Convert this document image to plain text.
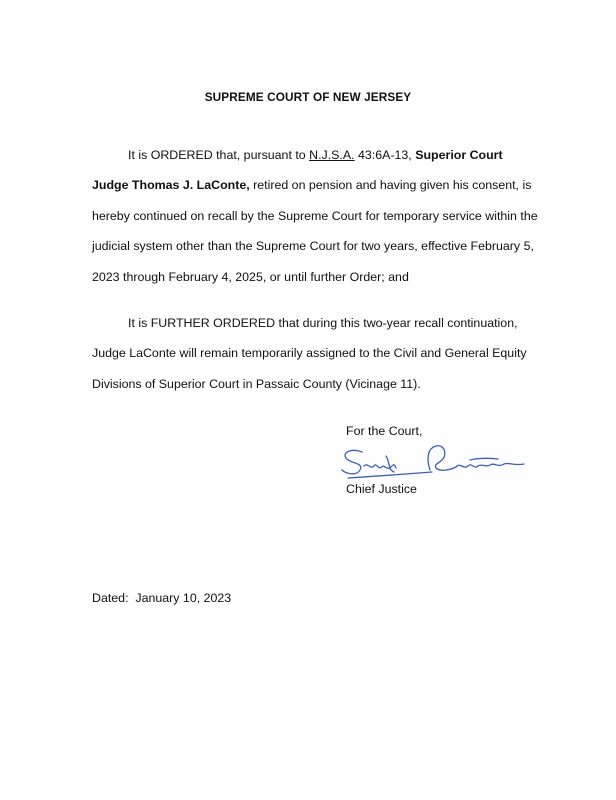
SUPREME COURT OF NEW JERSEY
It is ORDERED that, pursuant to N.J.S.A. 43:6A-13, Superior Court
Judge Thomas J. LaConte, retired on pension and having given his consent, is
hereby continued on recall by the Supreme Court for temporary service within the
judicial system other than the Supreme Court for two years, effective February 5,
2023 through February 4, 2025, or until further Order; and
It is FURTHER ORDERED that during this two-year recall continuation,
Judge LaConte will remain temporarily assigned to the Civil and General Equity
Divisions of Superior Court in Passaic County (Vicinage 11).
For the Court,
Chief Justice
Dated: January 10, 2023
